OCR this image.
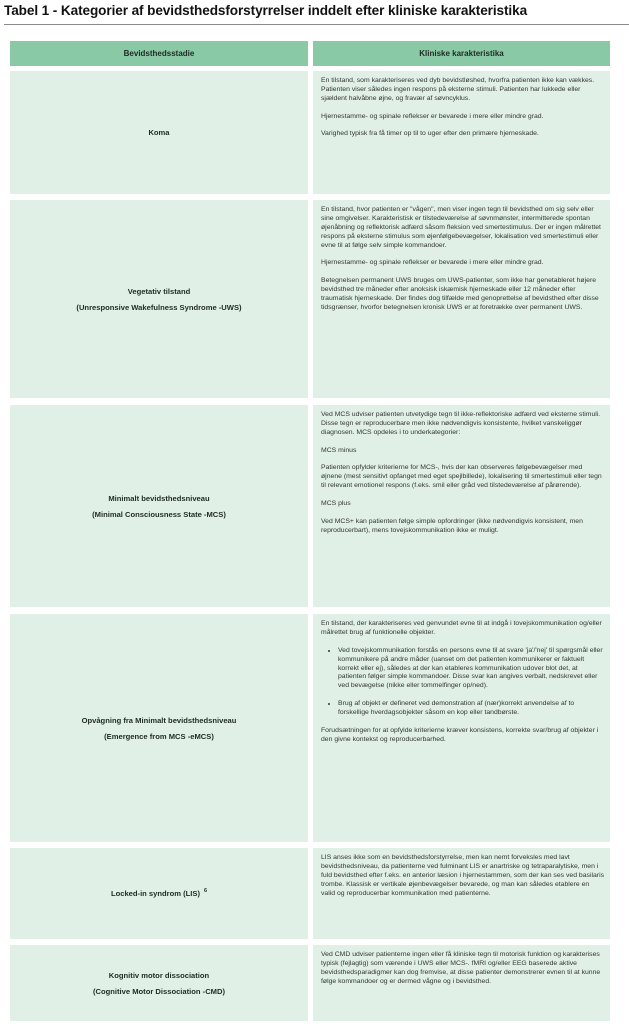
Tabel 1 - Kategorier af bevidsthedsforstyrrelser inddelt efter kliniske karakteristika
Bevidsthedsstadie	Kliniske karakteristika
Koma

En tilstand, som karakteriseres ved dyb bevidstløshed, hvorfra patienten ikke kan vækkes. Patienten viser således ingen respons på eksterne stimuli. Patienten har lukkede eller sjældent halvåbne øjne, og fravær af søvncyklus.

Hjernestamme- og spinale reflekser er bevarede i mere eller mindre grad.

Varighed typisk fra få timer op til to uger efter den primære hjerneskade.

Vegetativ tilstand
(Unresponsive Wakefulness Syndrome -UWS)

En tilstand, hvor patienten er "vågen", men viser ingen tegn til bevidsthed om sig selv eller sine omgivelser. Karakteristisk er tilstedeværelse af søvnmønster, intermitterede spontan øjenåbning og reflektorisk adfærd såsom fleksion ved smertestimulus. Der er ingen målrettet respons på eksterne stimulus som øjenfølgebevægelser, lokalisation ved smertestimuli eller evne til at følge selv simple kommandoer.

Hjernestamme- og spinale reflekser er bevarede i mere eller mindre grad.

Betegnelsen permanent UWS bruges om UWS-patienter, som ikke har genetableret højere bevidsthed tre måneder efter anoksisk iskæmisk hjerneskade eller 12 måneder efter traumatisk hjerneskade. Der findes dog tilfælde med genoprettelse af bevidsthed efter disse tidsgrænser, hvorfor betegnelsen kronisk UWS er at foretrække over permanent UWS.

Minimalt bevidsthedsniveau
(Minimal Consciousness State -MCS)

Ved MCS udviser patienten utvetydige tegn til ikke-reflektoriske adfærd ved eksterne stimuli. Disse tegn er reproducerbare men ikke nødvendigvis konsistente, hvilket vanskeliggør diagnosen. MCS opdeles i to underkategorier:

MCS minus

Patienten opfylder kriterierne for MCS-, hvis der kan observeres følgebevægelser med øjnene (mest sensitivt opfanget med eget spejlbillede), lokalisering til smertestimuli eller tegn til relevant emotionel respons (f.eks. smil eller gråd ved tilstedeværelse af pårørende).

MCS plus

Ved MCS+ kan patienten følge simple opfordringer (ikke nødvendigvis konsistent, men reproducerbart), mens tovejskommunikation ikke er muligt.

Opvågning fra Minimalt bevidsthedsniveau
(Emergence from MCS -eMCS)

En tilstand, der karakteriseres ved genvundet evne til at indgå i tovejskommunikation og/eller målrettet brug af funktionelle objekter.

• Ved tovejskommunikation forstås en persons evne til at svare 'ja'/'nej' til spørgsmål eller kommunikere på andre måder (uanset om det patienten kommunikerer er faktuelt korrekt eller ej), således at der kan etableres kommunikation udover blot det, at patienten følger simple kommandoer. Disse svar kan angives verbalt, nedskrevet eller ved bevægelse (nikke eller tommelfinger op/ned).
• Brug af objekt er defineret ved demonstration af (nær)korrekt anvendelse af to forskellige hverdagsobjekter såsom en kop eller tandbørste.

Forudsætningen for at opfylde kriterierne kræver konsistens, korrekte svar/brug af objekter i den givne kontekst og reproducerbarhed.

Locked-in syndrom (LIS) $^6$

LIS anses ikke som en bevidsthedsforstyrrelse, men kan nemt forveksles med lavt bevidsthedsniveau, da patienterne ved fulminant LIS er anartriske og tetraparalytiske, men i fuld bevidsthed efter f.eks. en anterior læsion i hjernestammen, som der kan ses ved basilaris trombe. Klassisk er vertikale øjenbevægelser bevarede, og man kan således etablere en valid og reproducerbar kommunikation med patienterne.

Kognitiv motor dissociation
(Cognitive Motor Dissociation -CMD)

Ved CMD udviser patienterne ingen eller få kliniske tegn til motorisk funktion og karakterises typisk (fejlagtig) som værende i UWS eller MCS-. fMRI og/eller EEG baserede aktive bevidsthedsparadigmer kan dog fremvise, at disse patienter demonstrerer evnen til at kunne følge kommandoer og er dermed vågne og i bevidsthed.
